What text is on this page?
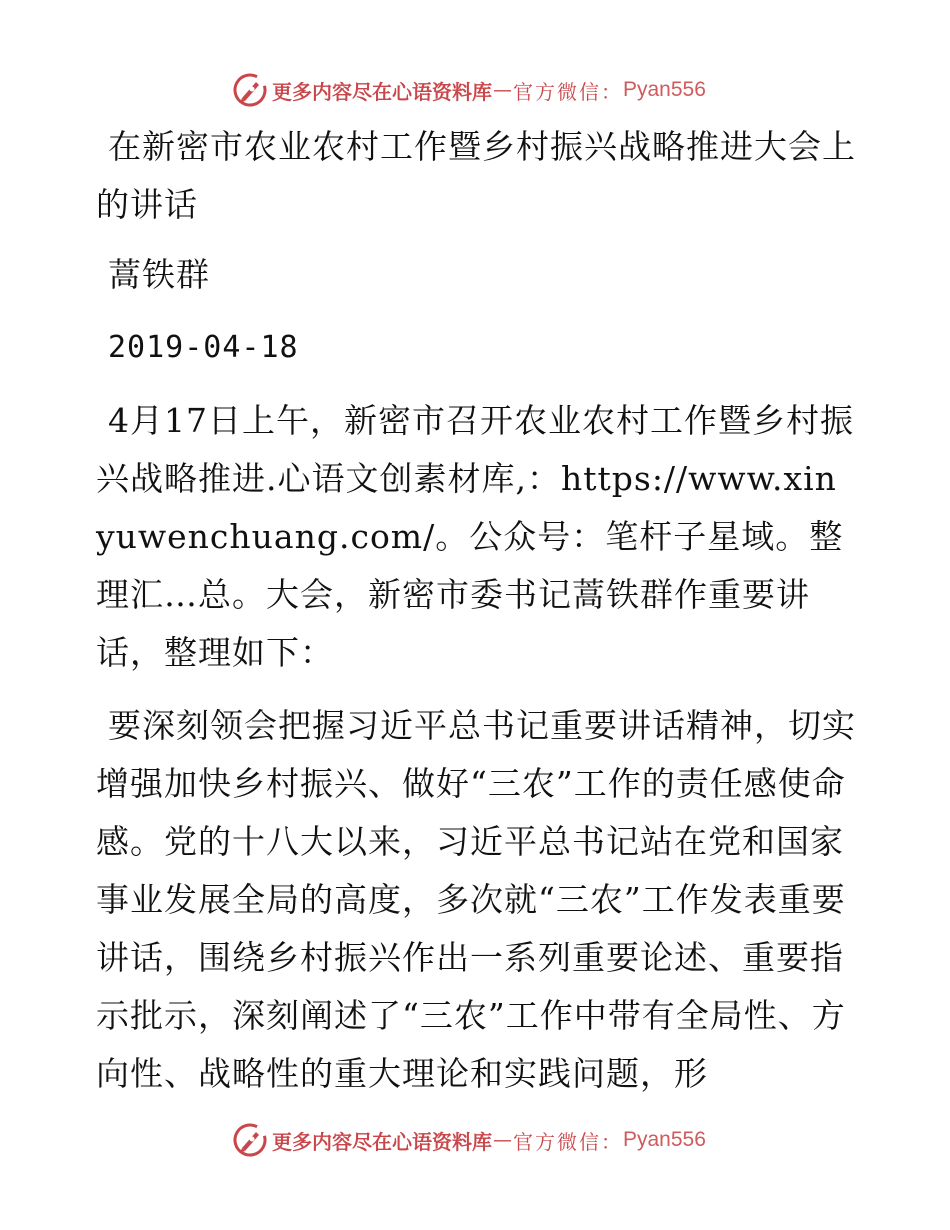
更多内容尽在心语资料库 — 官方微信： Pyan556

在新密市农业农村工作暨乡村振兴战略推进大会上的讲话

蒿铁群

2019-04-18

4月17日上午，新密市召开农业农村工作暨乡村振兴战略推进.心语文创素材库,：https://www.xinyuwenchuang.com/。公众号：笔杆子星域。整理汇…总。大会，新密市委书记蒿铁群作重要讲话，整理如下：

要深刻领会把握习近平总书记重要讲话精神，切实增强加快乡村振兴、做好“三农”工作的责任感使命感。党的十八大以来，习近平总书记站在党和国家事业发展全局的高度，多次就“三农”工作发表重要讲话，围绕乡村振兴作出一系列重要论述、重要指示批示，深刻阐述了“三农”工作中带有全局性、方向性、战略性的重大理论和实践问题，形

更多内容尽在心语资料库 — 官方微信： Pyan556
